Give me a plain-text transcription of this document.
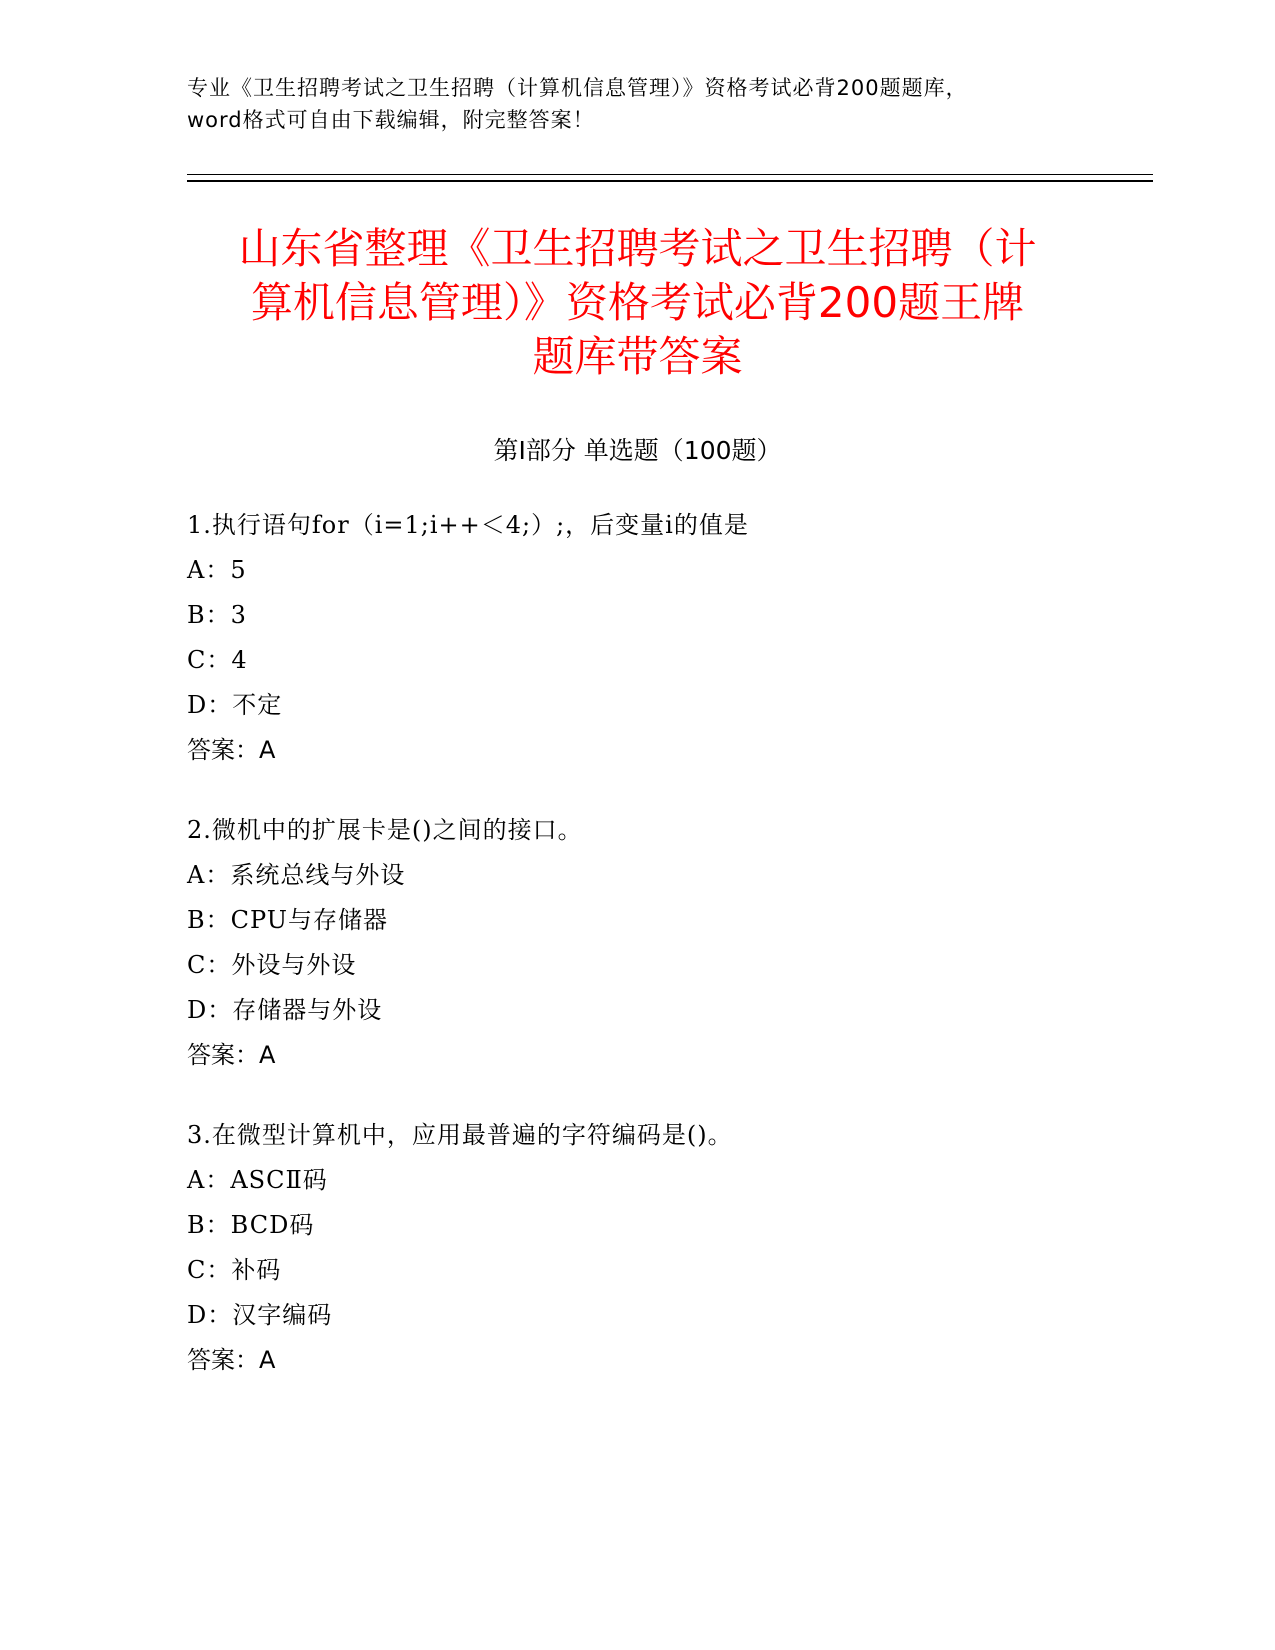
专业《卫生招聘考试之卫生招聘（计算机信息管理）》资格考试必背200题题库，
word格式可自由下载编辑，附完整答案！
山东省整理《卫生招聘考试之卫生招聘（计
算机信息管理）》资格考试必背200题王牌
题库带答案
第Ⅰ部分 单选题（100题）
1.执行语句for（i=1;i++＜4;）;，后变量i的值是
A：5
B：3
C：4
D：不定
答案：A
2.微机中的扩展卡是()之间的接口。
A：系统总线与外设
B：CPU与存储器
C：外设与外设
D：存储器与外设
答案：A
3.在微型计算机中，应用最普遍的字符编码是()。
A：ASCⅡ码
B：BCD码
C：补码
D：汉字编码
答案：A
